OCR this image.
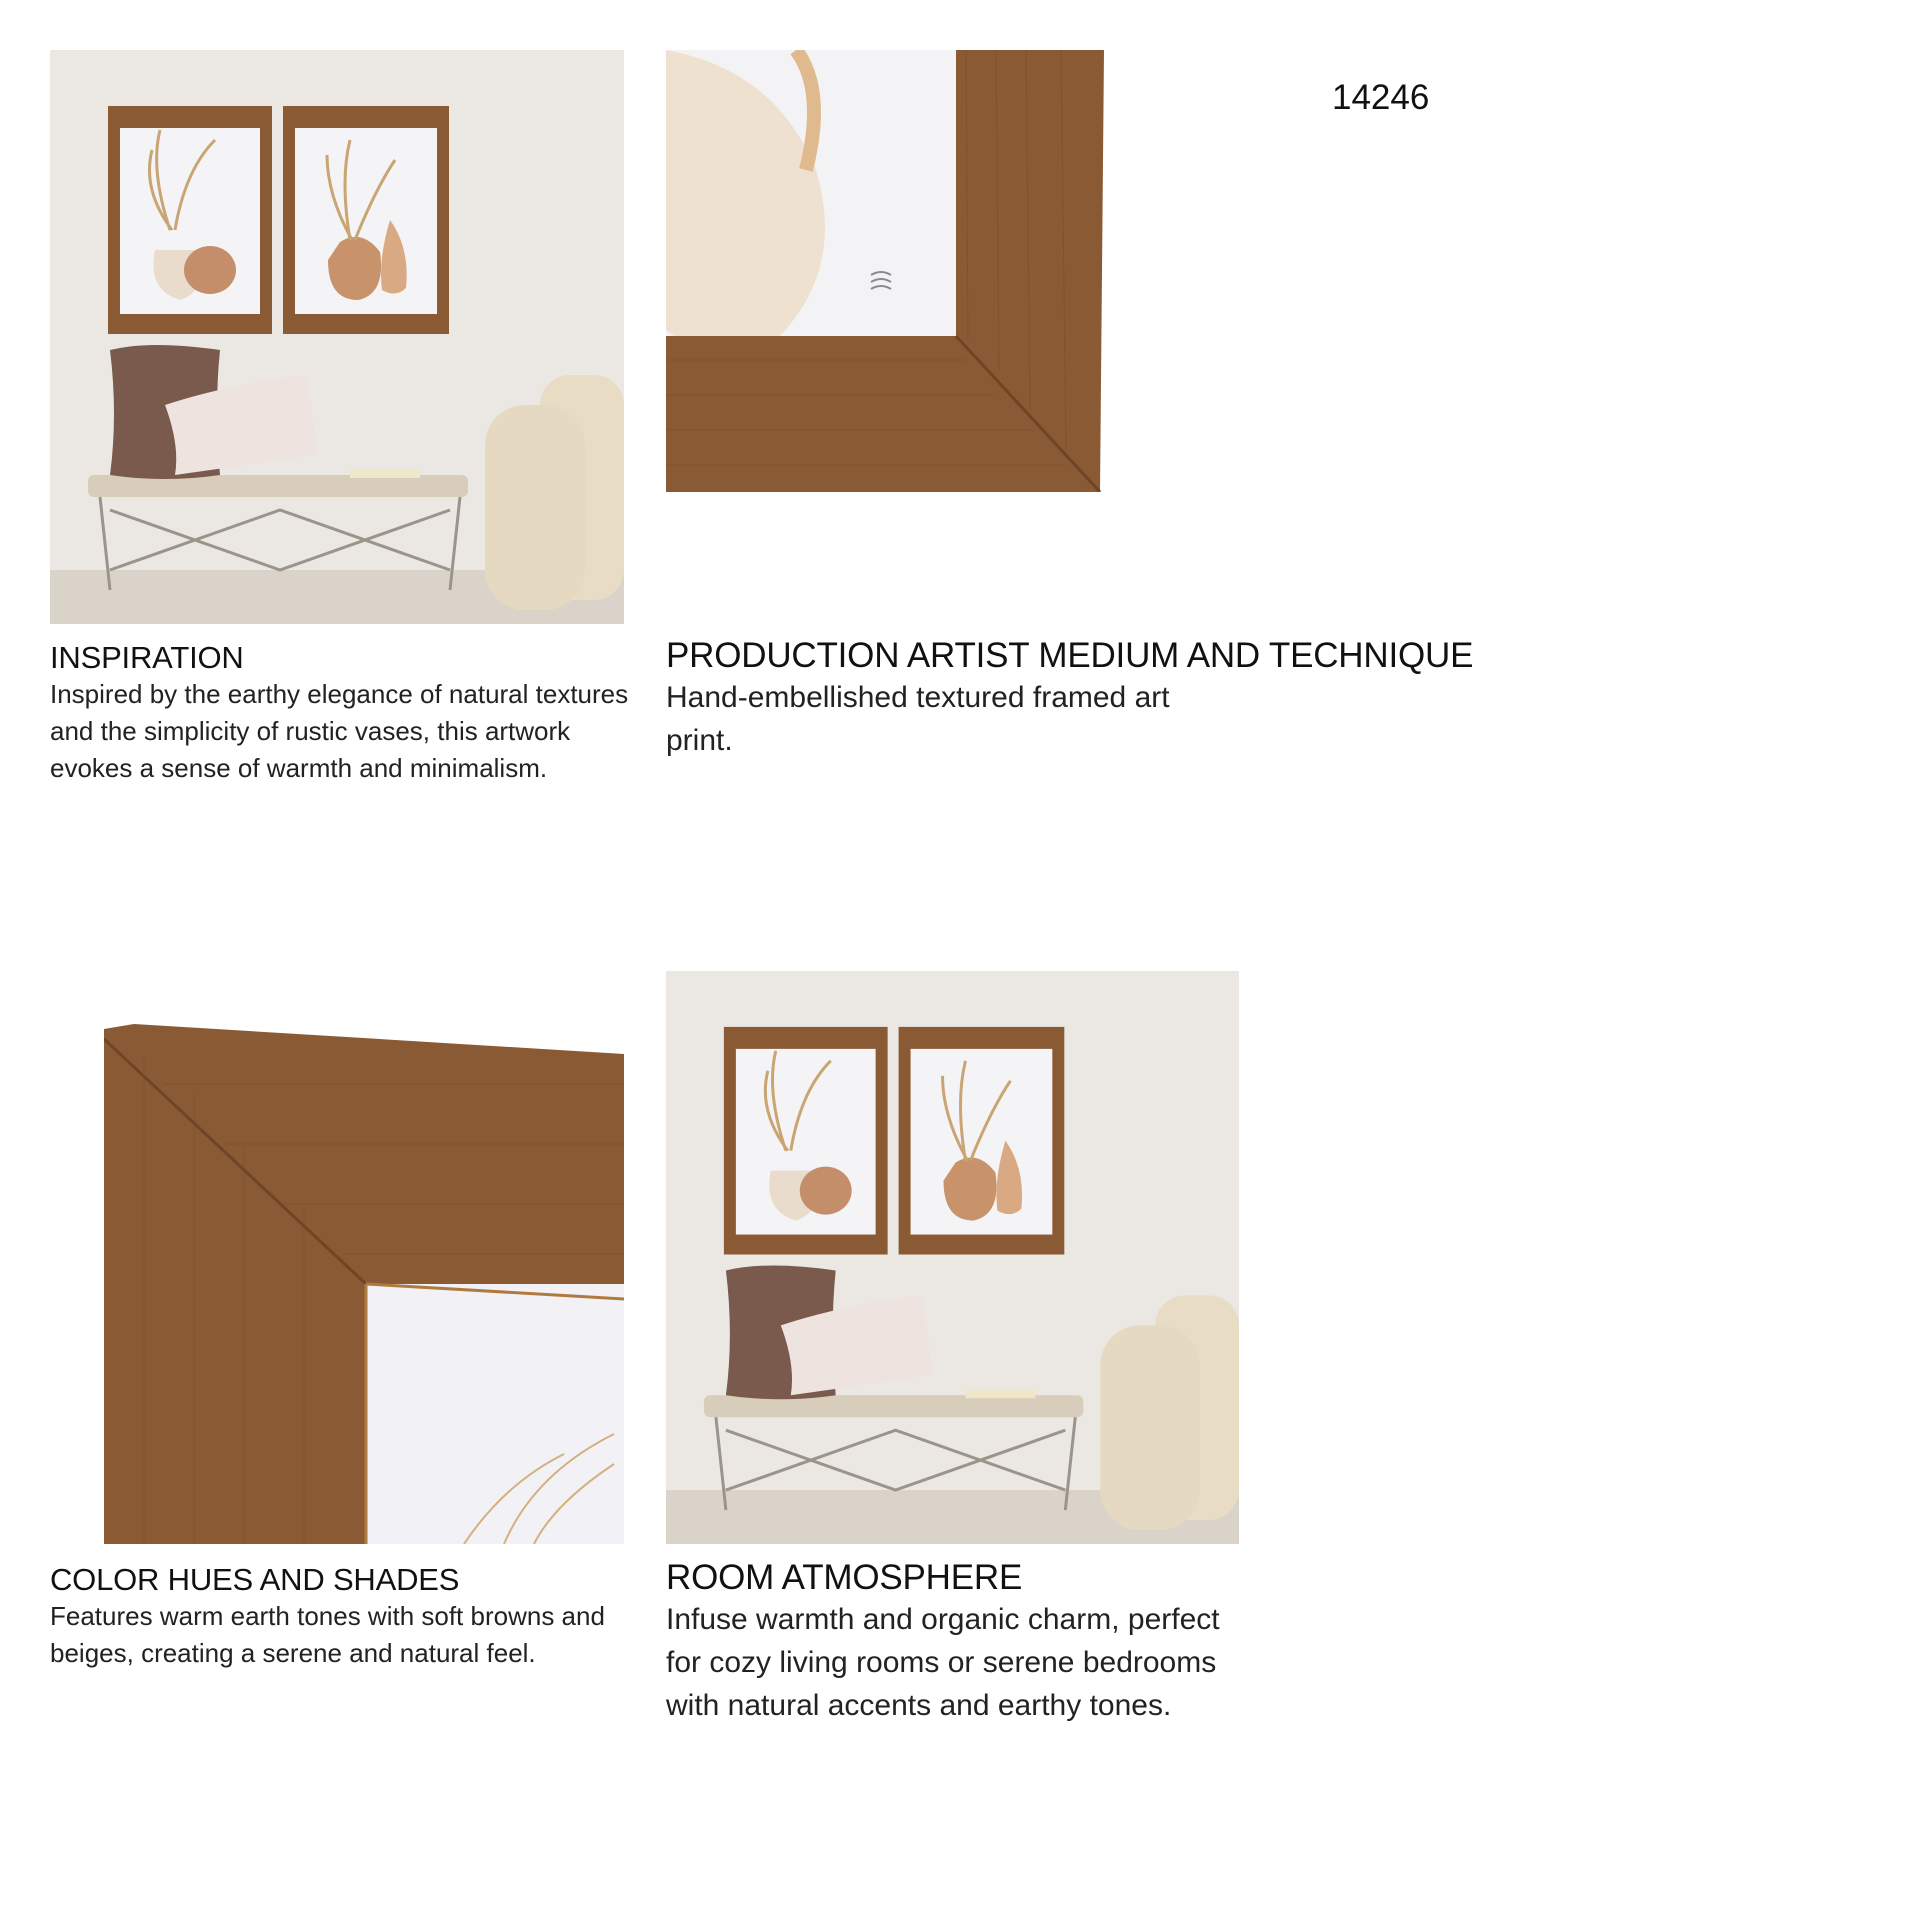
14246
INSPIRATION
Inspired by the earthy elegance of natural textures and the simplicity of rustic vases, this artwork evokes a sense of warmth and minimalism.
PRODUCTION ARTIST MEDIUM AND TECHNIQUE
Hand-embellished textured framed art print.
COLOR HUES AND SHADES
Features warm earth tones with soft browns and beiges, creating a serene and natural feel.
ROOM ATMOSPHERE
Infuse warmth and organic charm, perfect for cozy living rooms or serene bedrooms with natural accents and earthy tones.
